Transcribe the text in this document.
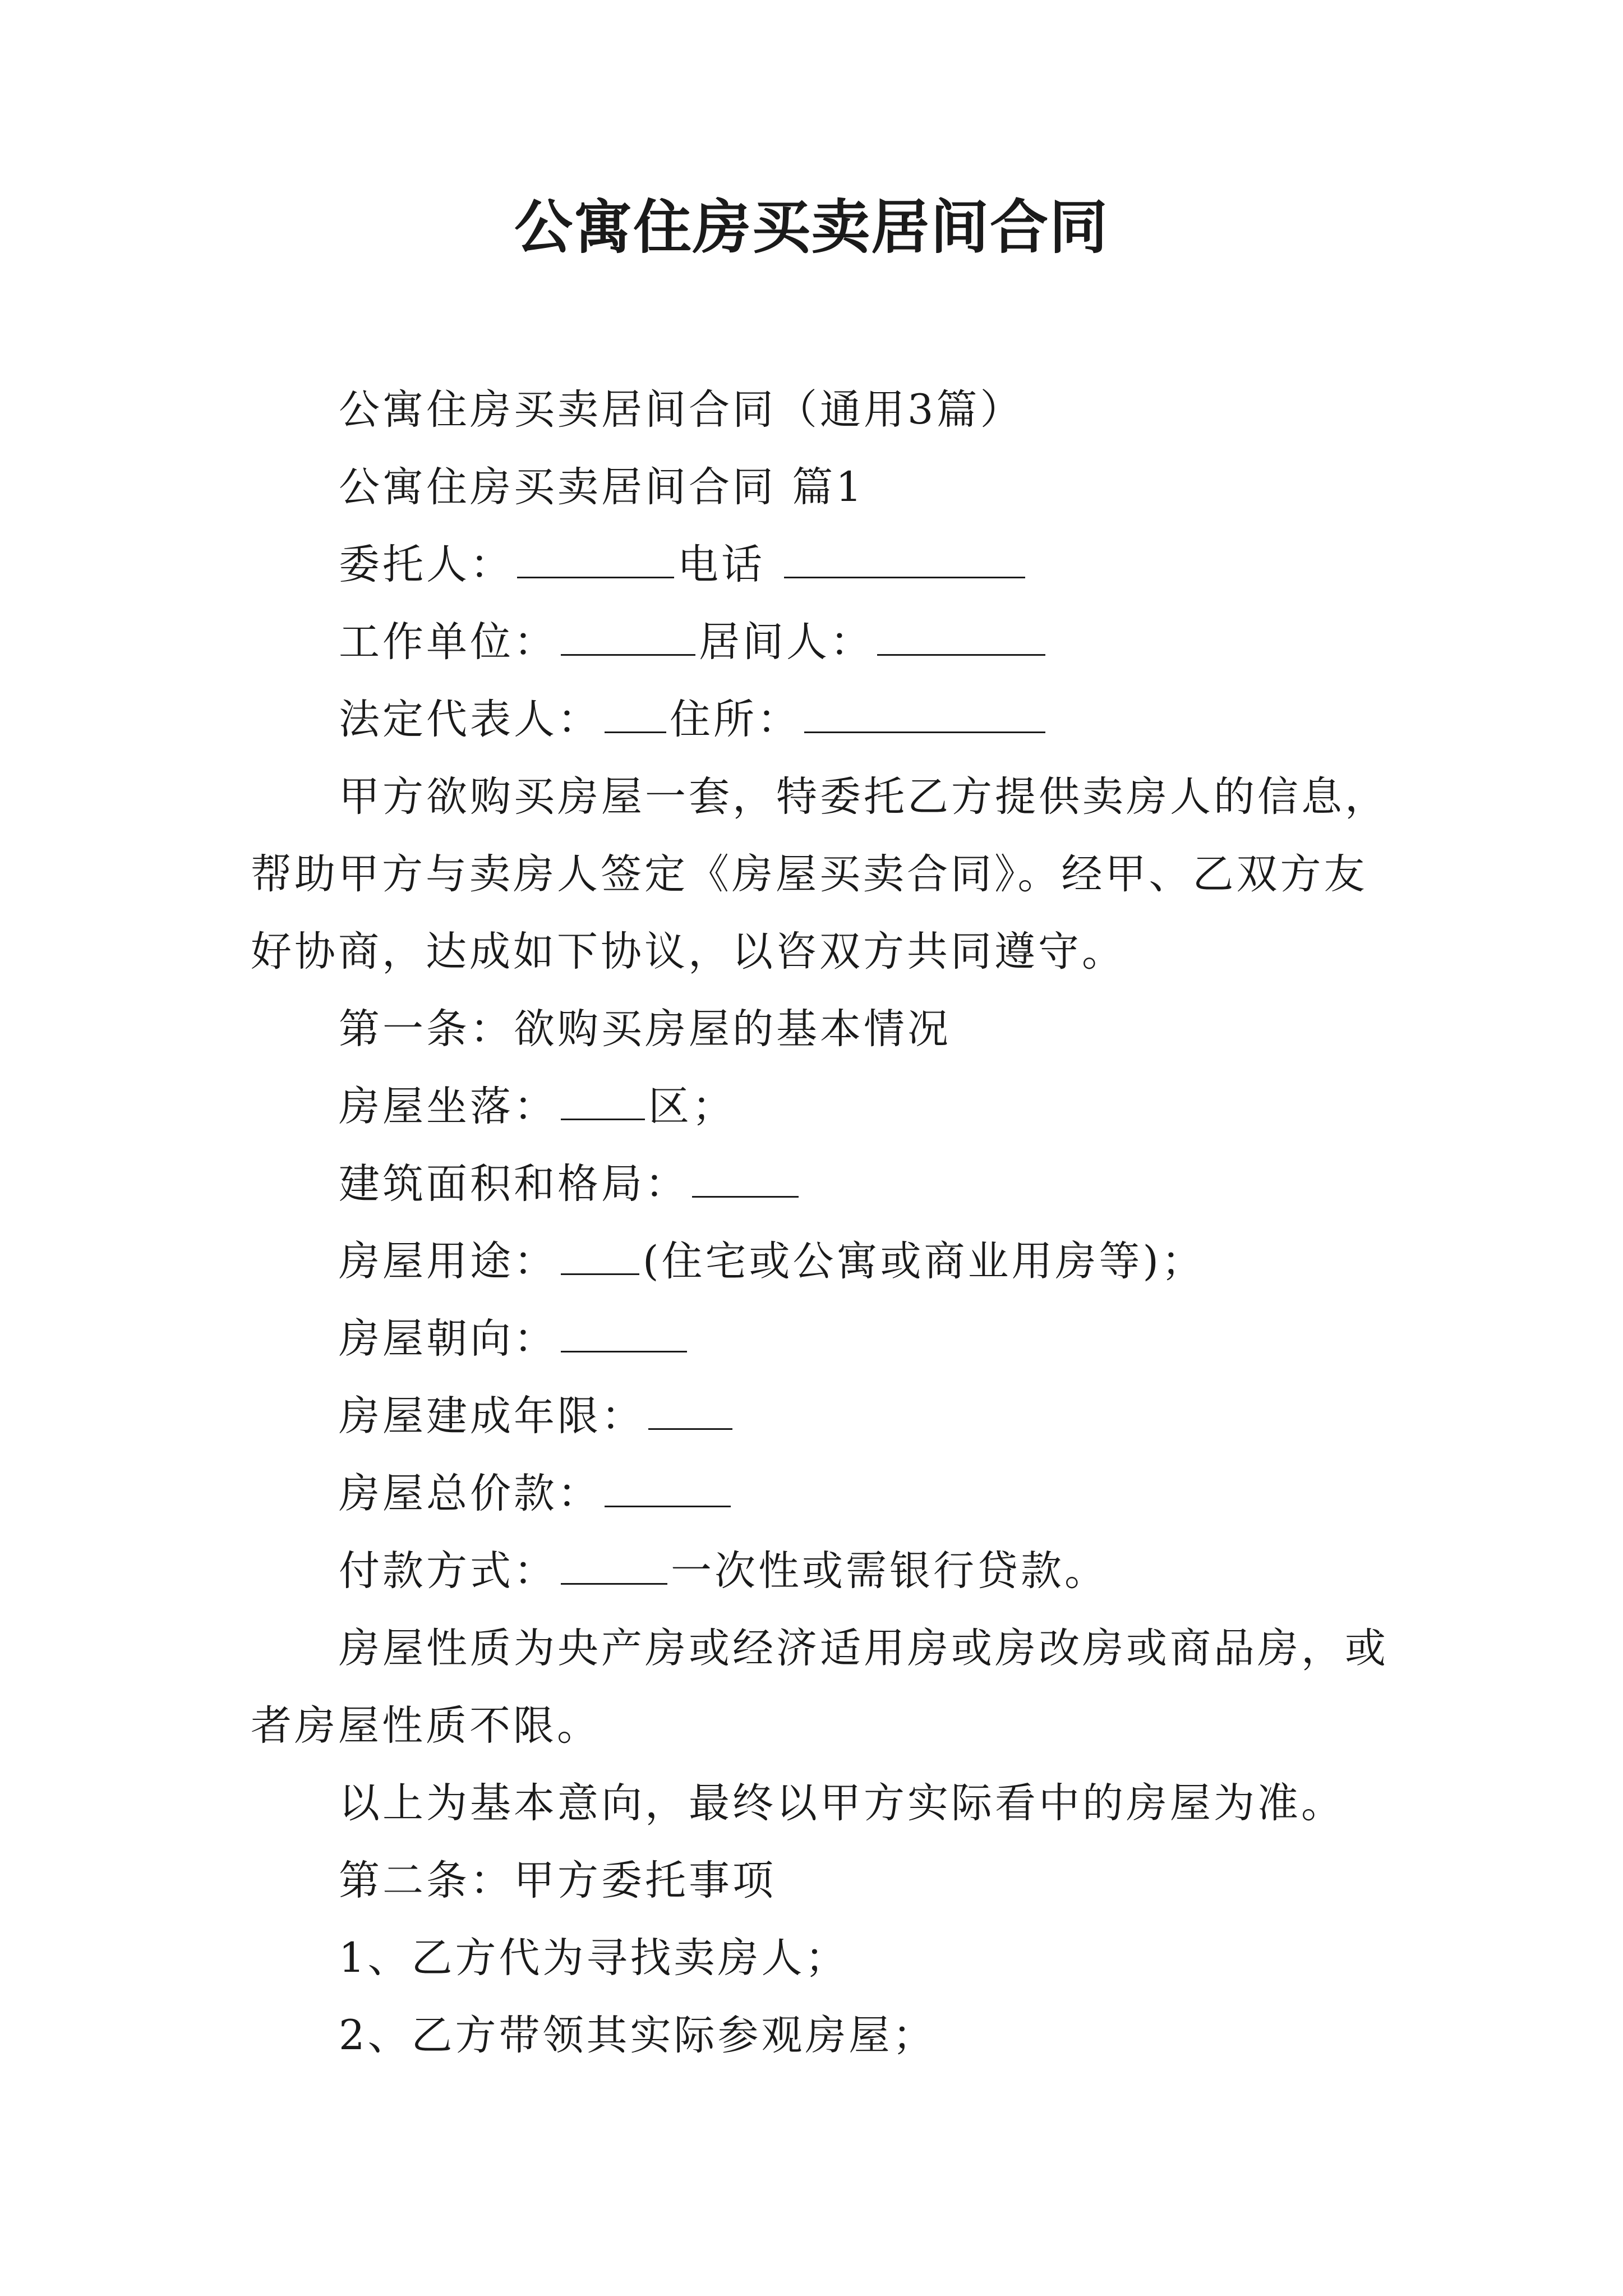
公寓住房买卖居间合同

公寓住房买卖居间合同（通用3篇）

公寓住房买卖居间合同 篇1

委托人：	电话

工作单位：	居间人：

法定代表人： 住所：

甲方欲购买房屋一套，特委托乙方提供卖房人的信息，

帮助甲方与卖房人签定《房屋买卖合同》。经甲、乙双方友

好协商，达成如下协议，以咨双方共同遵守。

第一条：欲购买房屋的基本情况

房屋坐落： 区；

建筑面积和格局：

房屋用途： (住宅或公寓或商业用房等)；

房屋朝向：

房屋建成年限：

房屋总价款：

付款方式：	一次性或需银行贷款。

房屋性质为央产房或经济适用房或房改房或商品房，或

者房屋性质不限。

以上为基本意向，最终以甲方实际看中的房屋为准。

第二条：甲方委托事项

1、乙方代为寻找卖房人；

2、乙方带领其实际参观房屋；
